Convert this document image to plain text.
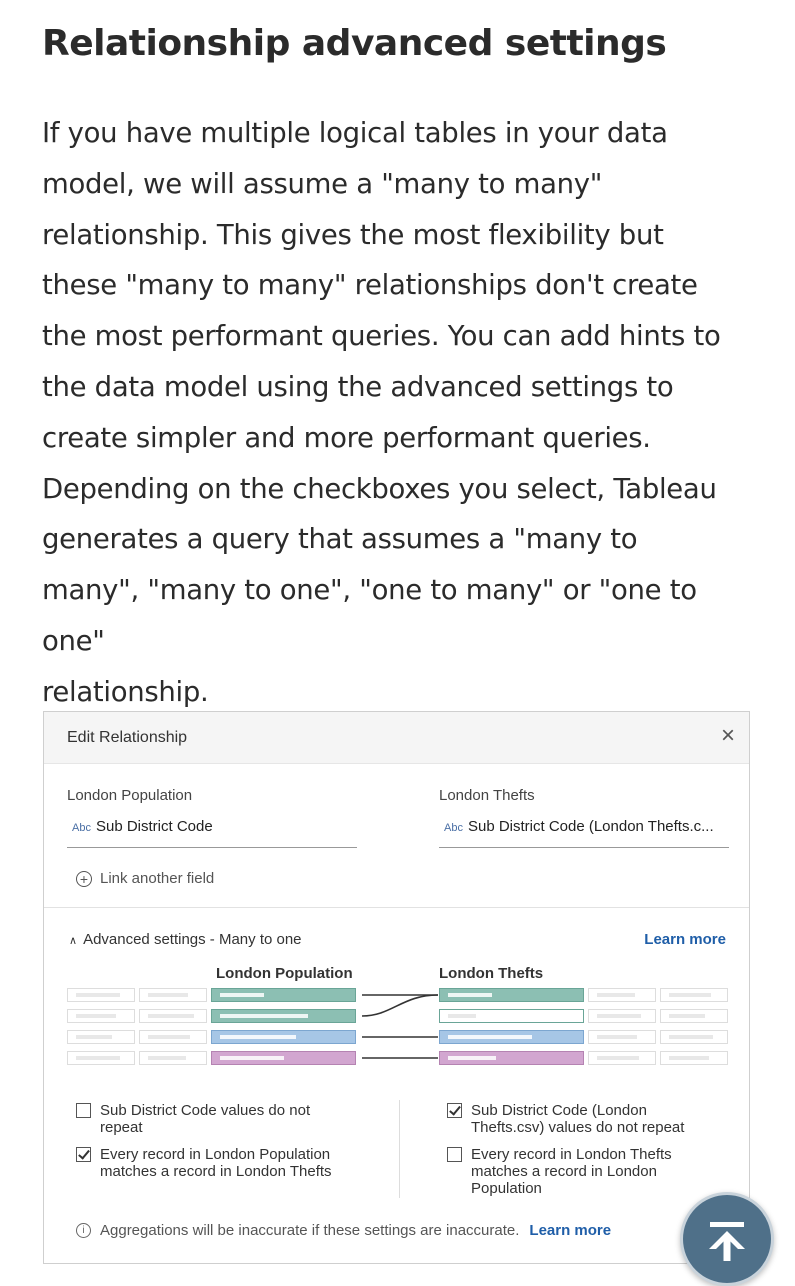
Relationship advanced settings
If you have multiple logical tables in your data
model, we will assume a "many to many"
relationship. This gives the most flexibility but
these "many to many" relationships don't create
the most performant queries. You can add hints to
the data model using the advanced settings to
create simpler and more performant queries.
Depending on the checkboxes you select, Tableau
generates a query that assumes a "many to
many", "many to one", "one to many" or "one to one"
relationship.
Edit Relationship	×
London Population	London Thefts
Abc Sub District Code	Abc Sub District Code (London Thefts.c...
+ Link another field
∧ Advanced settings - Many to one	Learn more
London Population	London Thefts
Sub District Code values do not repeat
Every record in London Population matches a record in London Thefts
Sub District Code (London Thefts.csv) values do not repeat
Every record in London Thefts matches a record in London Population
i	Aggregations will be inaccurate if these settings are inaccurate. Learn more
